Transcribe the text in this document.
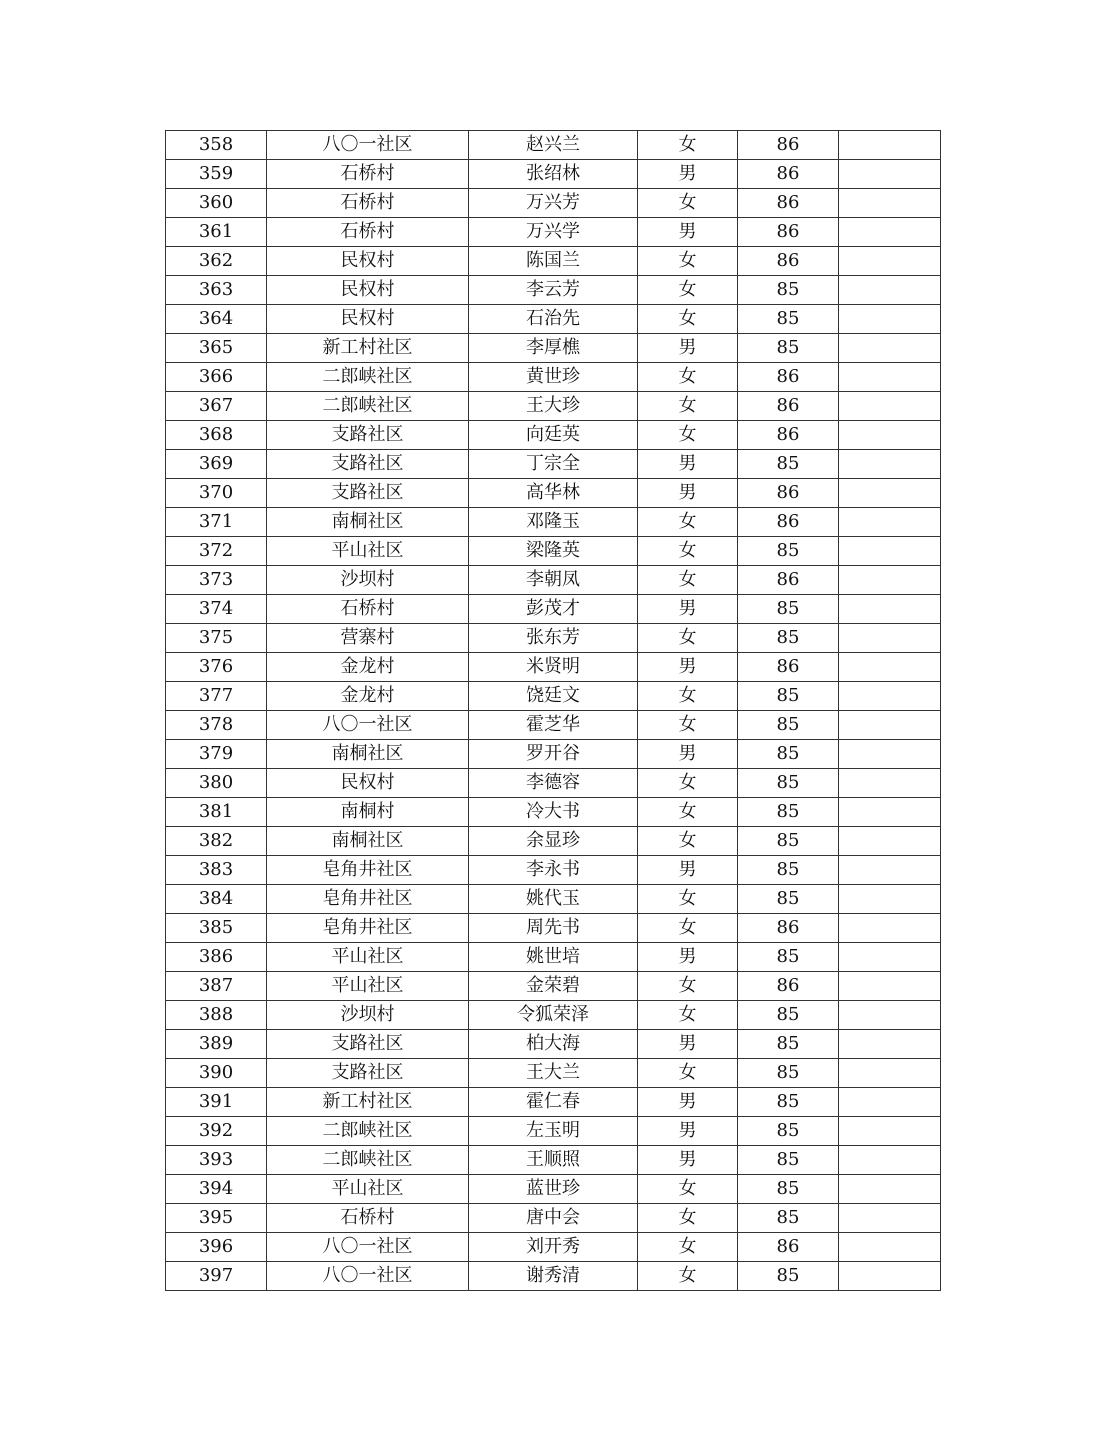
358	八〇一社区	赵兴兰	女	86	
359	石桥村	张绍林	男	86	
360	石桥村	万兴芳	女	86	
361	石桥村	万兴学	男	86	
362	民权村	陈国兰	女	86	
363	民权村	李云芳	女	85	
364	民权村	石治先	女	85	
365	新工村社区	李厚樵	男	85	
366	二郎峡社区	黄世珍	女	86	
367	二郎峡社区	王大珍	女	86	
368	支路社区	向廷英	女	86	
369	支路社区	丁宗全	男	85	
370	支路社区	高华林	男	86	
371	南桐社区	邓隆玉	女	86	
372	平山社区	梁隆英	女	85	
373	沙坝村	李朝凤	女	86	
374	石桥村	彭茂才	男	85	
375	营寨村	张东芳	女	85	
376	金龙村	米贤明	男	86	
377	金龙村	饶廷文	女	85	
378	八〇一社区	霍芝华	女	85	
379	南桐社区	罗开谷	男	85	
380	民权村	李德容	女	85	
381	南桐村	冷大书	女	85	
382	南桐社区	余显珍	女	85	
383	皂角井社区	李永书	男	85	
384	皂角井社区	姚代玉	女	85	
385	皂角井社区	周先书	女	86	
386	平山社区	姚世培	男	85	
387	平山社区	金荣碧	女	86	
388	沙坝村	令狐荣泽	女	85	
389	支路社区	柏大海	男	85	
390	支路社区	王大兰	女	85	
391	新工村社区	霍仁春	男	85	
392	二郎峡社区	左玉明	男	85	
393	二郎峡社区	王顺照	男	85	
394	平山社区	蓝世珍	女	85	
395	石桥村	唐中会	女	85	
396	八〇一社区	刘开秀	女	86	
397	八〇一社区	谢秀清	女	85	
